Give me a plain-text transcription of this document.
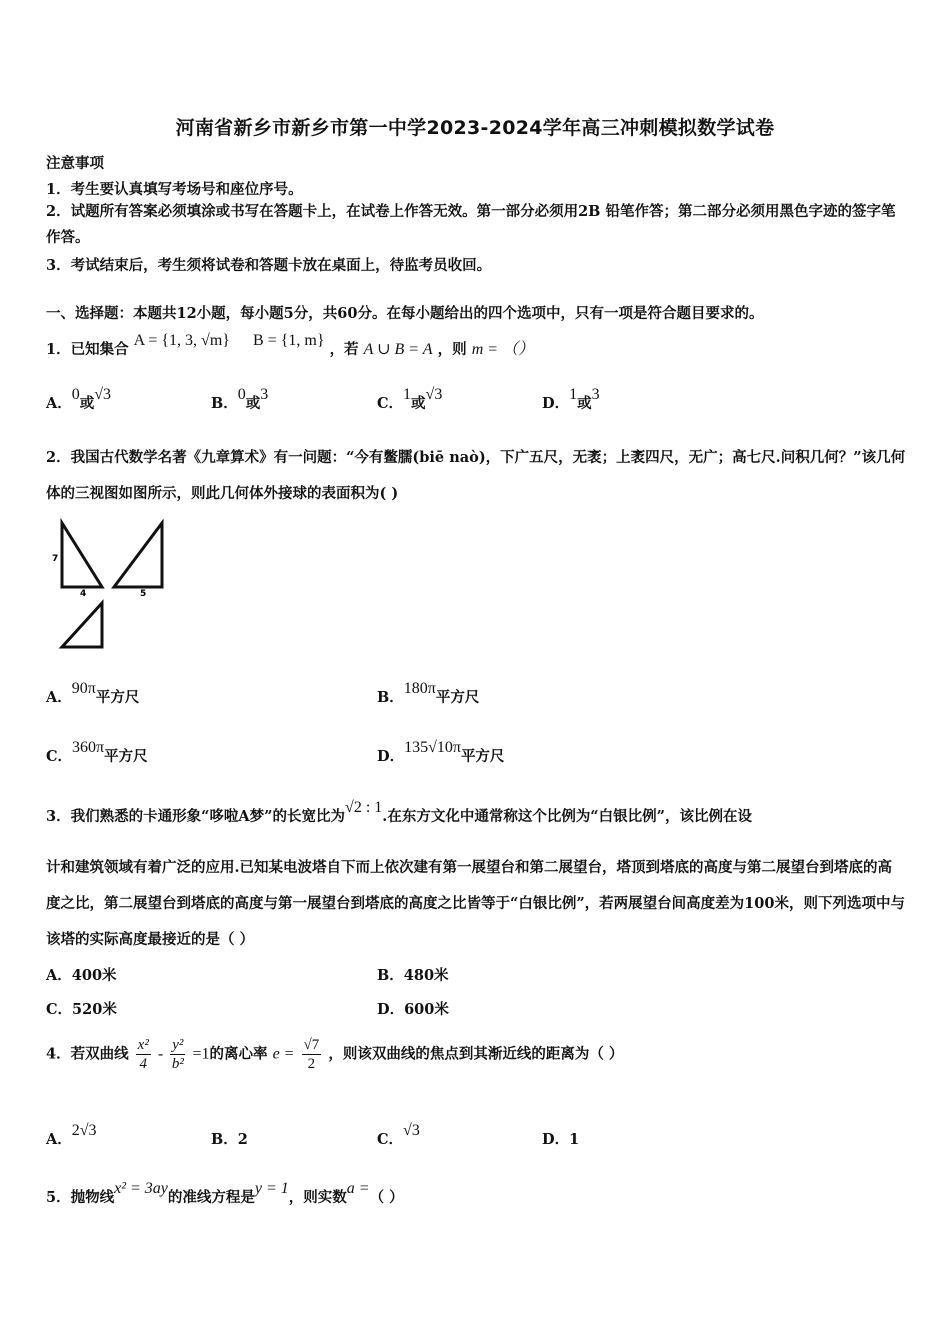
河南省新乡市新乡市第一中学2023-2024学年高三冲刺模拟数学试卷
注意事项
1．考生要认真填写考场号和座位序号。
2．试题所有答案必须填涂或书写在答题卡上，在试卷上作答无效。第一部分必须用2B 铅笔作答；第二部分必须用黑色字迹的签字笔作答。
3．考试结束后，考生须将试卷和答题卡放在桌面上，待监考员收回。
一、选择题：本题共12小题，每小题5分，共60分。在每小题给出的四个选项中，只有一项是符合题目要求的。
1．已知集合 A = {1, 3, √m} B = {1, m} ，若 A ∪ B = A ，则 m = （）
A．0或√3
B．0或3
C．1或√3
D．1或3
2．我国古代数学名著《九章算术》有一问题：“今有鳖臑(biē naò)，下广五尺，无袤；上袤四尺，无广；高七尺.问积几何？”该几何体的三视图如图所示，则此几何体外接球的表面积为( )
7
4	5
A．90π平方尺	B．180π平方尺
C．360π平方尺	D．135√10π平方尺
3．我们熟悉的卡通形象“哆啦A梦”的长宽比为√2 : 1.在东方文化中通常称这个比例为“白银比例”，该比例在设
计和建筑领域有着广泛的应用.已知某电波塔自下而上依次建有第一展望台和第二展望台，塔顶到塔底的高度与第二展望台到塔底的高度之比，第二展望台到塔底的高度与第一展望台到塔底的高度之比皆等于“白银比例”，若两展望台间高度差为100米，则下列选项中与该塔的实际高度最接近的是（ ）
A．400米	B．480米
C．520米	D．600米
4．若双曲线 $\frac{\text{x²}}{4} - \frac{\text{y²}}{\text{b²}} =1$的离心率 $e = \frac{√7}{2}$ ，则该双曲线的焦点到其渐近线的距离为（ ）
A．2√3
B．2	C．√3
D．1
5．抛物线x² = 3ay的准线方程是y = 1，则实数a =（ ）
